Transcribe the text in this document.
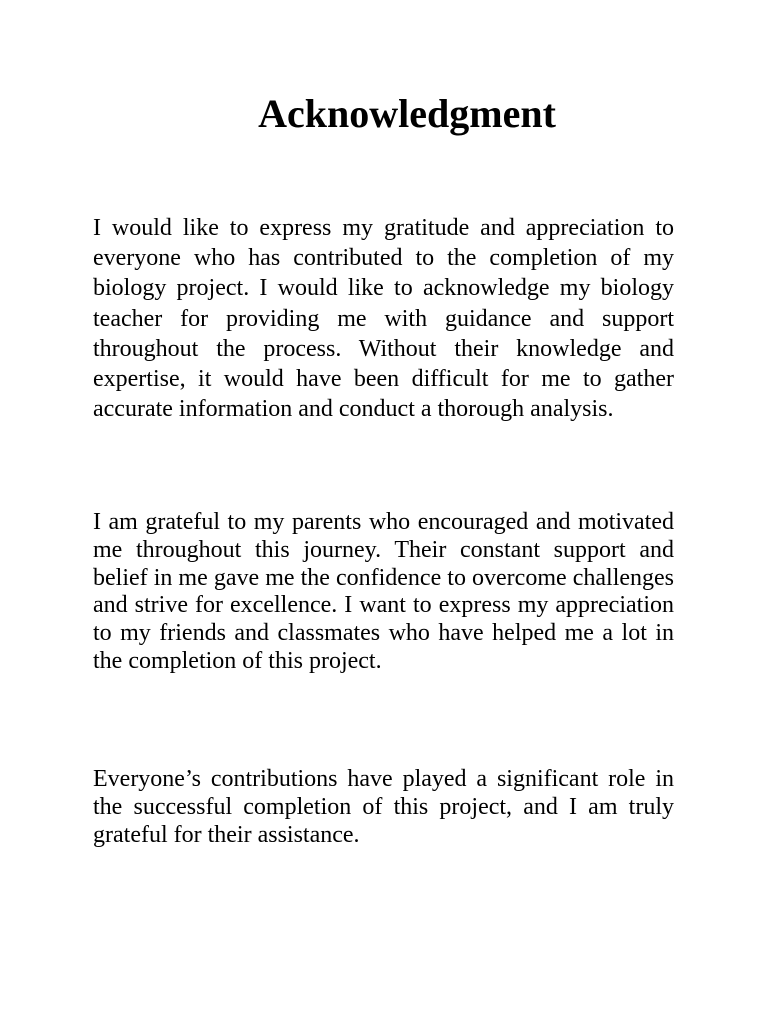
Acknowledgment

I would like to express my gratitude and appreciation to everyone who has contributed to the completion of my biology project. I would like to acknowledge my biology teacher for providing me with guidance and support throughout the process. Without their knowledge and expertise, it would have been difficult for me to gather accurate information and conduct a thorough analysis.

I am grateful to my parents who encouraged and motivated me throughout this journey. Their constant support and belief in me gave me the confidence to overcome challenges and strive for excellence. I want to express my appreciation to my friends and classmates who have helped me a lot in the completion of this project.

Everyone’s contributions have played a significant role in the successful completion of this project, and I am truly grateful for their assistance.
